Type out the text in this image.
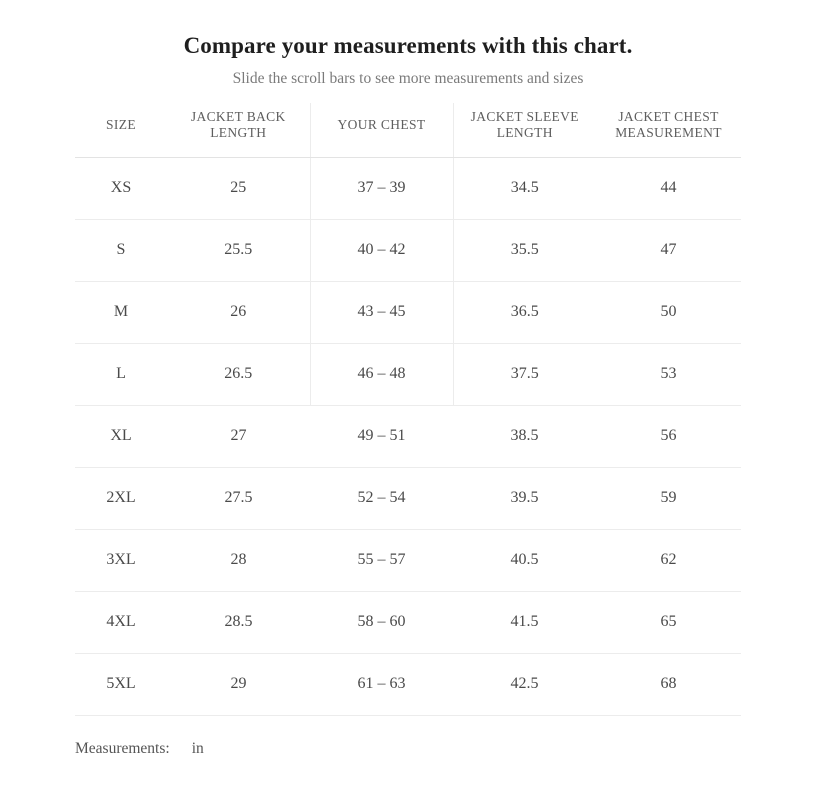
Compare your measurements with this chart.

Slide the scroll bars to see more measurements and sizes

SIZE	JACKET BACK LENGTH	YOUR CHEST	JACKET SLEEVE LENGTH	JACKET CHEST MEASUREMENT
XS	25	37 – 39	34.5	44
S	25.5	40 – 42	35.5	47
M	26	43 – 45	36.5	50
L	26.5	46 – 48	37.5	53
XL	27	49 – 51	38.5	56
2XL	27.5	52 – 54	39.5	59
3XL	28	55 – 57	40.5	62
4XL	28.5	58 – 60	41.5	65
5XL	29	61 – 63	42.5	68
Measurements: in
